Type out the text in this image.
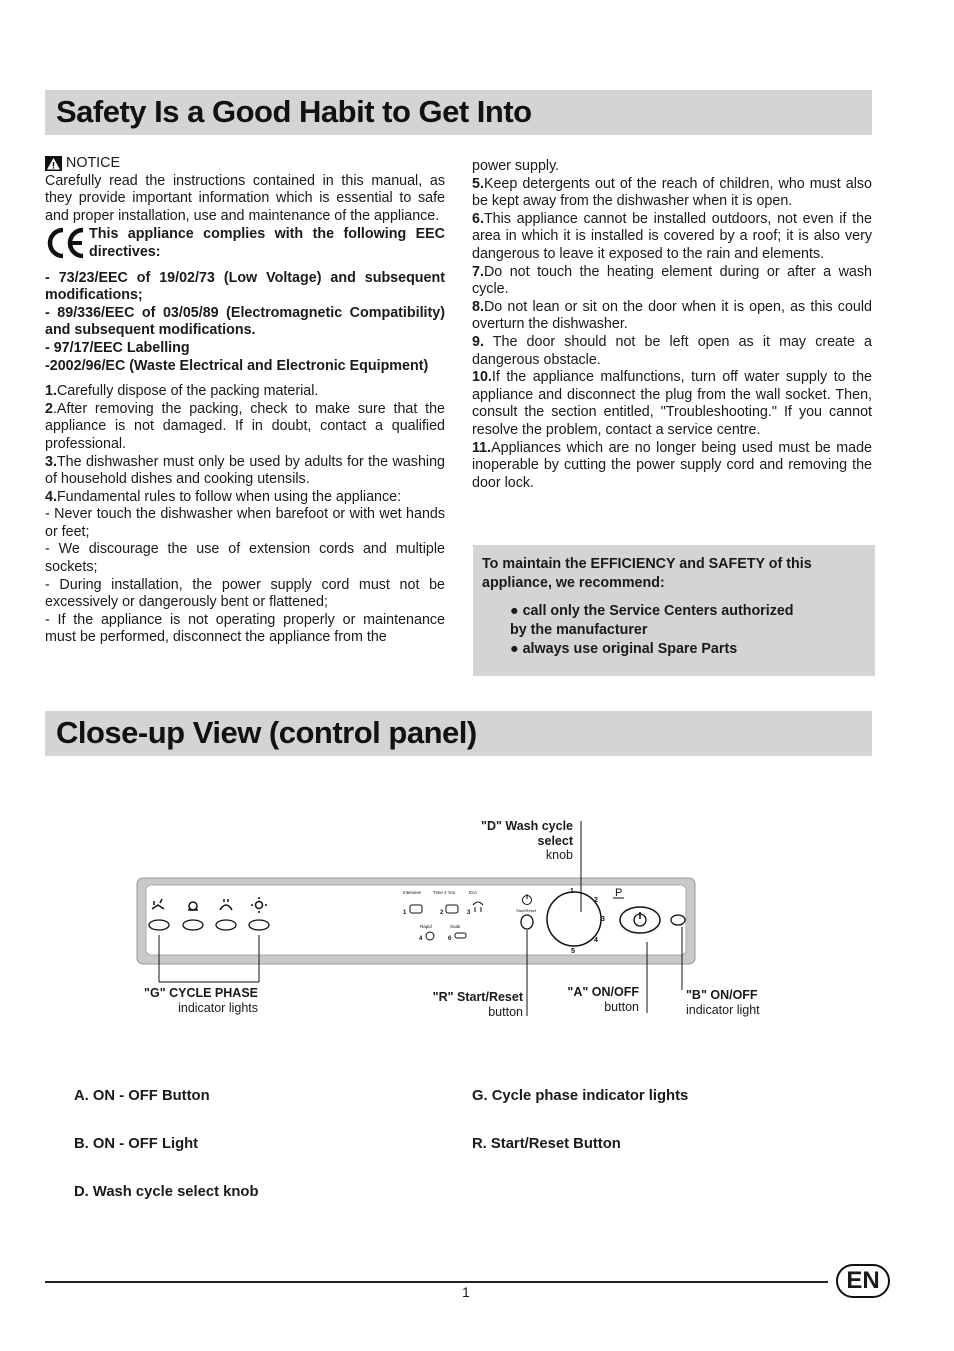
Safety Is a Good Habit to Get Into
Close-up View (control panel)
NOTICE

Carefully read the instructions contained in this manual, as they provide important information which is essential to safe and proper installation, use and maintenance of the appliance.

This appliance complies with the following EEC directives:

- 73/23/EEC of 19/02/73 (Low Voltage) and subsequent modifications;

- 89/336/EEC of 03/05/89 (Electromagnetic Compatibility) and subsequent modifications.

- 97/17/EEC Labelling

-2002/96/EC (Waste Electrical and Electronic Equipment)

1.Carefully dispose of the packing material.

2.After removing the packing, check to make sure that the appliance is not damaged. If in doubt, contact a qualified professional.

3.The dishwasher must only be used by adults for the washing of household dishes and cooking utensils.

4.Fundamental rules to follow when using the appliance:

- Never touch the dishwasher when barefoot or with wet hands or feet;

- We discourage the use of extension cords and multiple sockets;

- During installation, the power supply cord must not be excessively or dangerously bent or flattened;

- If the appliance is not operating properly or maintenance must be performed, disconnect the appliance from the

power supply.

5.Keep detergents out of the reach of children, who must also be kept away from the dishwasher when it is open.

6.This appliance cannot be installed outdoors, not even if the area in which it is installed is covered by a roof; it is also very dangerous to leave it exposed to the rain and elements.

7.Do not touch the heating element during or after a wash cycle.

8.Do not lean or sit on the door when it is open, as this could overturn the dishwasher.

9. The door should not be left open as it may create a dangerous obstacle.

10.If the appliance malfunctions, turn off water supply to the appliance and disconnect the plug from the wall socket. Then, consult the section entitled, "Troubleshooting." If you cannot resolve the problem, contact a service centre.

11.Appliances which are no longer being used must be made inoperable by cutting the power supply cord and removing the door lock.

To maintain the EFFICIENCY and SAFETY of this appliance, we recommend:
● call only the Service Centers authorized
by the manufacturer
● always use original Spare Parts
Intensive	Time 4 You	Eco
1	2	3
Rapid	Soak
4	6
Start/Reset
1
2
3
4
5
P
"D" Wash cycle
select
knob
"G" CYCLE PHASE
indicator lights
"R" Start/Reset
button
"A" ON/OFF
button
"B" ON/OFF
indicator light
A. ON - OFF Button
B. ON - OFF Light
D. Wash cycle select knob
G. Cycle phase indicator lights
R. Start/Reset Button
1	EN
